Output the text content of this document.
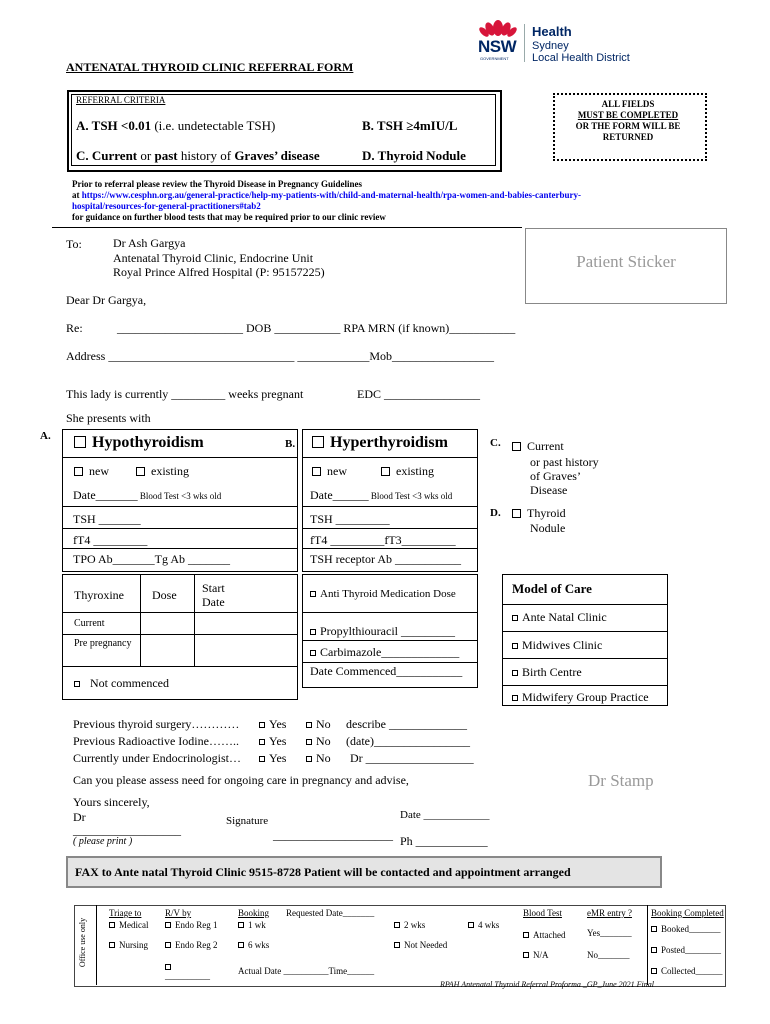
NSW
GOVERNMENT
Health
Sydney
Local Health District
ANTENATAL THYROID CLINIC REFERRAL FORM
REFERRAL CRITERIA
A. TSH <0.01 (i.e. undetectable TSH)	B. TSH ≥4mIU/L
C. Current or past history of Graves’ disease	D. Thyroid Nodule
ALL FIELDS
MUST BE COMPLETED
OR THE FORM WILL BE
RETURNED
Prior to referral please review the Thyroid Disease in Pregnancy Guidelines
at https://www.cesphn.org.au/general-practice/help-my-patients-with/child-and-maternal-health/rpa-women-and-babies-canterbury-
hospital/resources-for-general-practitioners#tab2
for guidance on further blood tests that may be required prior to our clinic review
To:	Dr Ash Gargya
Antenatal Thyroid Clinic, Endocrine Unit
Royal Prince Alfred Hospital (P: 95157225)
Patient Sticker
Dear Dr Gargya,
Re:	_____________________ DOB ___________ RPA MRN (if known)___________
Address _______________________________ ____________Mob_________________
This lady is currently _________ weeks pregnant	EDC ________________
She presents with
A.	Hypothyroidism
new	existing
Date_______ Blood Test <3 wks old
TSH _______
fT4 _________
TPO Ab_______Tg Ab _______
Thyroxine Dose Start Date
Current
Pre pregnancy
Not commenced
B.	Hyperthyroidism
new	existing
Date______ Blood Test <3 wks old
TSH _________
fT4 _________fT3_________
TSH receptor Ab ___________
Anti Thyroid Medication Dose
Propylthiouracil _________
Carbimazole_____________
Date Commenced___________
C.	Current
or past history
of Graves’
Disease
D.	Thyroid
Nodule
Model of Care
Ante Natal Clinic
Midwives Clinic
Birth Centre
Midwifery Group Practice
Previous thyroid surgery…………	Yes	No describe _____________
Previous Radioactive Iodine……..	Yes	No (date)________________
Currently under Endocrinologist…	Yes	No Dr __________________
Can you please assess need for ongoing care in pregnancy and advise,	Dr Stamp
Yours sincerely,
Dr
__________________
( please print )
Signature
____________________
Date ____________
Ph ____________
FAX to Ante natal Thyroid Clinic 9515-8728 Patient will be contacted and appointment arranged
Office use only
Triage to
Medical
Nursing
R/V by
Endo Reg 1
Endo Reg 2
__________
Booking Requested Date_______
1 wk	2 wks	4 wks
6 wks	Not Needed
Actual Date __________Time______
Blood Test
Attached
N/A
eMR entry ?
Yes_______
No_______
Booking Completed
Booked_______
Posted________
Collected______
RPAH Antenatal Thyroid Referral Proforma _GP_June 2021 Final
